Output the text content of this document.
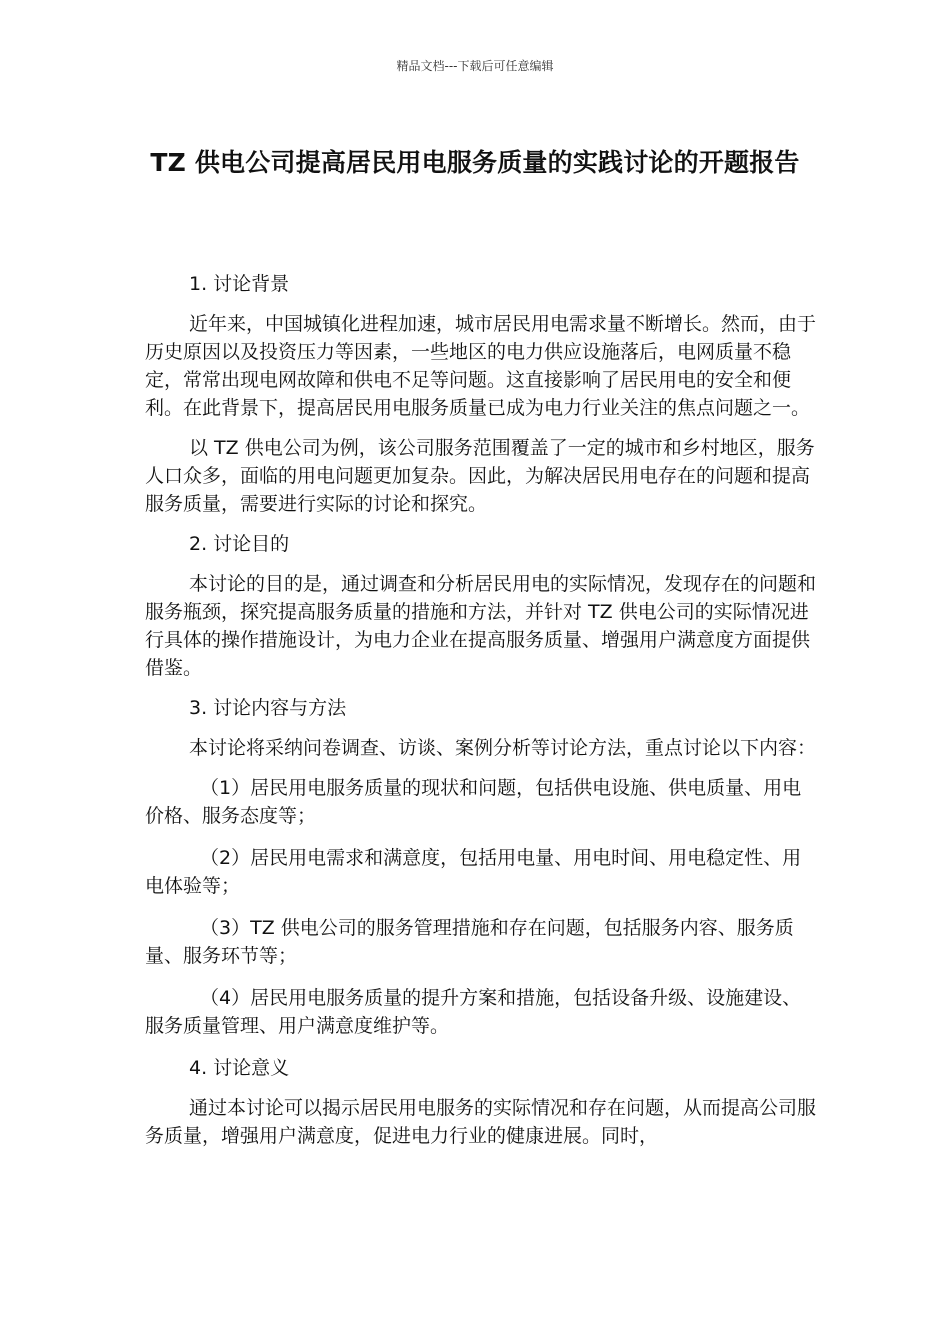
精品文档---下载后可任意编辑
TZ 供电公司提高居民用电服务质量的实践讨论的开题报告

1. 讨论背景

近年来，中国城镇化进程加速，城市居民用电需求量不断增长。然而，由于历史原因以及投资压力等因素，一些地区的电力供应设施落后，电网质量不稳定，常常出现电网故障和供电不足等问题。这直接影响了居民用电的安全和便利。在此背景下，提高居民用电服务质量已成为电力行业关注的焦点问题之一。

以 TZ 供电公司为例，该公司服务范围覆盖了一定的城市和乡村地区，服务人口众多，面临的用电问题更加复杂。因此，为解决居民用电存在的问题和提高服务质量，需要进行实际的讨论和探究。

2. 讨论目的

本讨论的目的是，通过调查和分析居民用电的实际情况，发现存在的问题和服务瓶颈，探究提高服务质量的措施和方法，并针对 TZ 供电公司的实际情况进行具体的操作措施设计，为电力企业在提高服务质量、增强用户满意度方面提供借鉴。

3. 讨论内容与方法

本讨论将采纳问卷调查、访谈、案例分析等讨论方法，重点讨论以下内容：

（1）居民用电服务质量的现状和问题，包括供电设施、供电质量、用电价格、服务态度等；

（2）居民用电需求和满意度，包括用电量、用电时间、用电稳定性、用电体验等；

（3）TZ 供电公司的服务管理措施和存在问题，包括服务内容、服务质量、服务环节等；

（4）居民用电服务质量的提升方案和措施，包括设备升级、设施建设、服务质量管理、用户满意度维护等。

4. 讨论意义

通过本讨论可以揭示居民用电服务的实际情况和存在问题，从而提高公司服务质量，增强用户满意度，促进电力行业的健康进展。同时，
